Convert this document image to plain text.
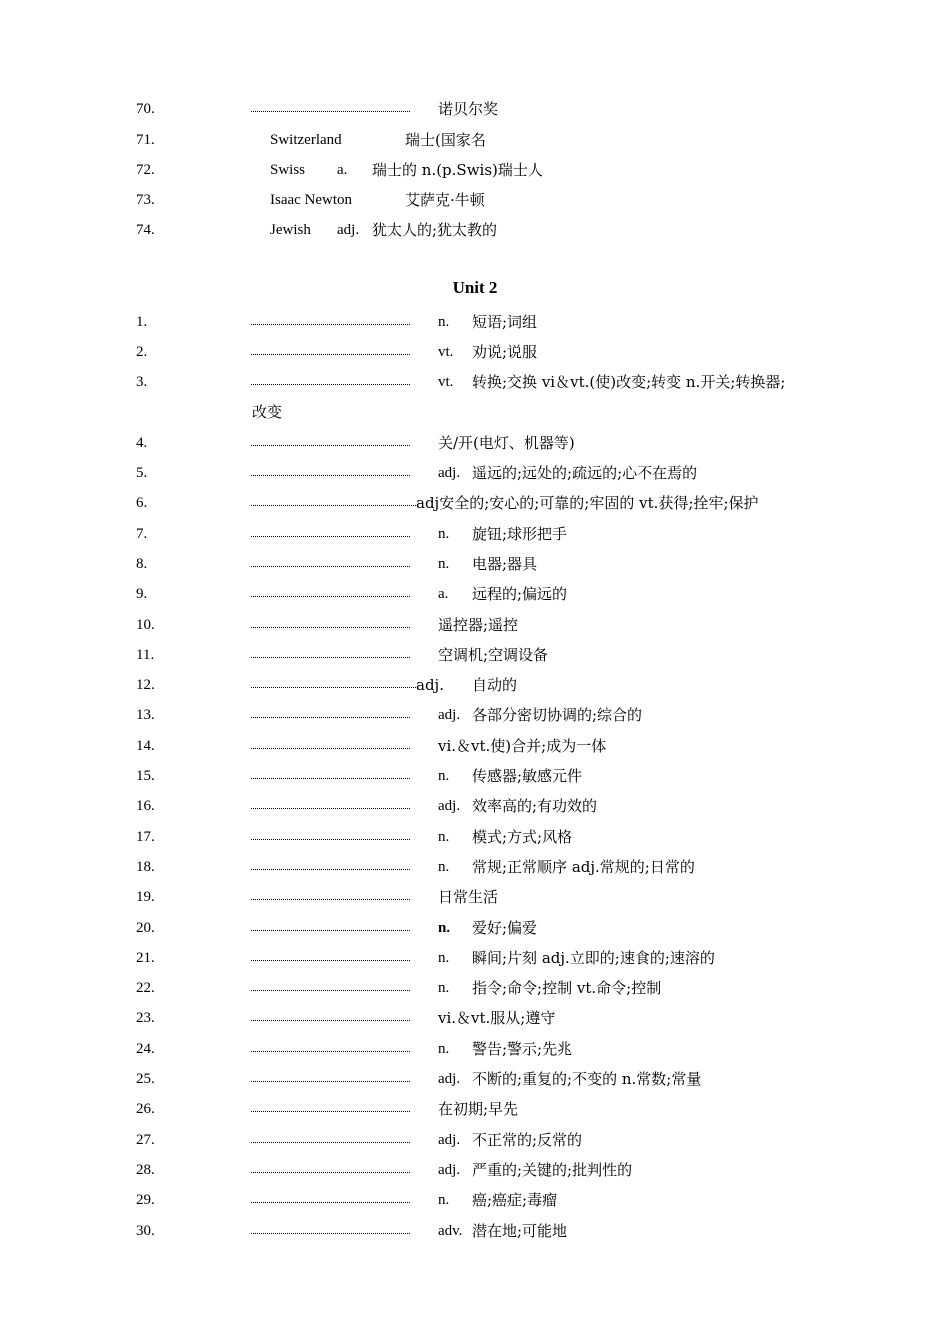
70.	诺贝尔奖
71.	Switzerland	瑞士(国家名
72.	Swiss a. 瑞士的 n.(p.Swis)瑞士人
73.	Isaac Newton	艾萨克·牛顿
74.	Jewish adj. 犹太人的;犹太教的
Unit 2
1.	n. 短语;词组
2.	vt. 劝说;说服
3.	vt. 转换;交换 vi＆vt.(使)改变;转变 n.开关;转换器;
改变
4.	关/开(电灯、机器等)
5.	adj. 遥远的;远处的;疏远的;心不在焉的
6.	adj安全的;安心的;可靠的;牢固的 vt.获得;拴牢;保护
7.	n. 旋钮;球形把手
8.	n. 电器;器具
9.	a. 远程的;偏远的
10.	遥控器;遥控
11.	空调机;空调设备
12.	adj. 自动的
13.	adj. 各部分密切协调的;综合的
14.	vi.＆vt.使)合并;成为一体
15.	n. 传感器;敏感元件
16.	adj. 效率高的;有功效的
17.	n. 模式;方式;风格
18.	n. 常规;正常顺序 adj.常规的;日常的
19.	日常生活
20.	n. 爱好;偏爱
21.	n. 瞬间;片刻 adj.立即的;速食的;速溶的
22.	n. 指令;命令;控制 vt.命令;控制
23.	vi.＆vt.服从;遵守
24.	n. 警告;警示;先兆
25.	adj. 不断的;重复的;不变的 n.常数;常量
26.	在初期;早先
27.	adj. 不正常的;反常的
28.	adj. 严重的;关键的;批判性的
29.	n. 癌;癌症;毒瘤
30.	adv. 潜在地;可能地
